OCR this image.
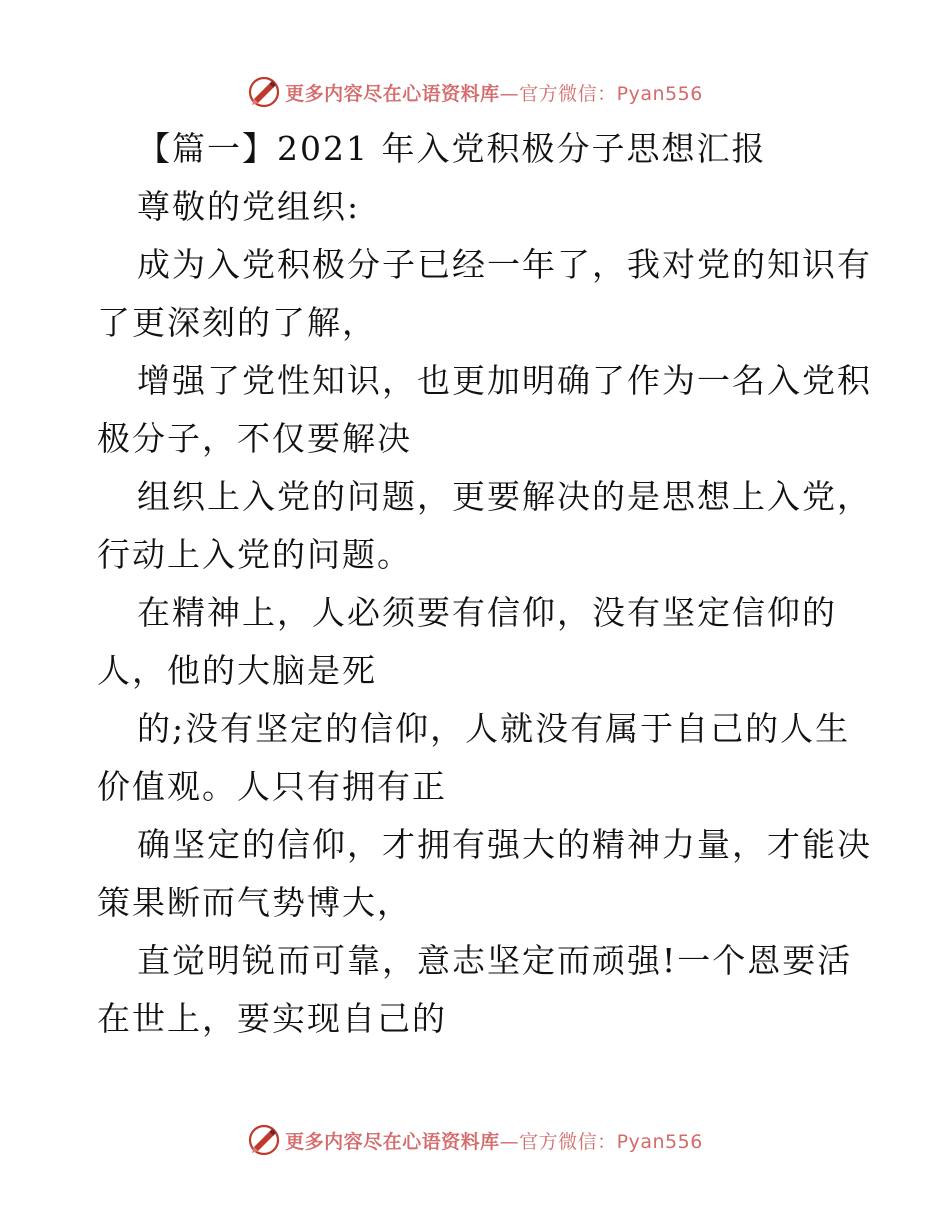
更多内容尽在心语资料库—官方微信：Pyan556
【篇一】2021 年入党积极分子思想汇报
尊敬的党组织:
成为入党积极分子已经一年了，我对党的知识有
了更深刻的了解，
增强了党性知识，也更加明确了作为一名入党积
极分子，不仅要解决
组织上入党的问题，更要解决的是思想上入党，
行动上入党的问题。
在精神上，人必须要有信仰，没有坚定信仰的
人，他的大脑是死
的;没有坚定的信仰，人就没有属于自己的人生
价值观。人只有拥有正
确坚定的信仰，才拥有强大的精神力量，才能决
策果断而气势博大，
直觉明锐而可靠，意志坚定而顽强!一个恩要活
在世上，要实现自己的
更多内容尽在心语资料库—官方微信：Pyan556
